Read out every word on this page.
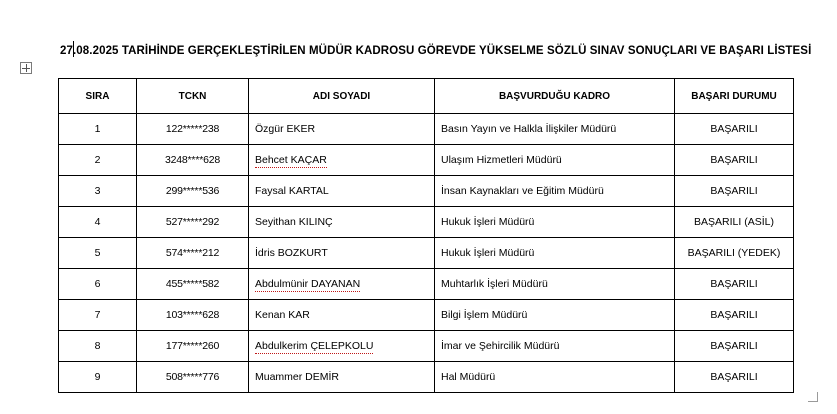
27.08.2025 TARİHİNDE GERÇEKLEŞTİRİLEN MÜDÜR KADROSU GÖREVDE YÜKSELME SÖZLÜ SINAV SONUÇLARI VE BAŞARI LİSTESİ
SIRA	TCKN	ADI SOYADI	BAŞVURDUĞU KADRO	BAŞARI DURUMU
1	122*****238	Özgür EKER	Basın Yayın ve Halkla İlişkiler Müdürü	BAŞARILI
2	3248****628	Behcet KAÇAR	Ulaşım Hizmetleri Müdürü	BAŞARILI
3	299*****536	Faysal KARTAL	İnsan Kaynakları ve Eğitim Müdürü	BAŞARILI
4	527*****292	Seyithan KILINÇ	Hukuk İşleri Müdürü	BAŞARILI (ASİL)
5	574*****212	İdris BOZKURT	Hukuk İşleri Müdürü	BAŞARILI (YEDEK)
6	455*****582	Abdulmünir DAYANAN	Muhtarlık İşleri Müdürü	BAŞARILI
7	103*****628	Kenan KAR	Bilgi İşlem Müdürü	BAŞARILI
8	177*****260	Abdulkerim ÇELEPKOLU	İmar ve Şehircilik Müdürü	BAŞARILI
9	508*****776	Muammer DEMİR	Hal Müdürü	BAŞARILI
